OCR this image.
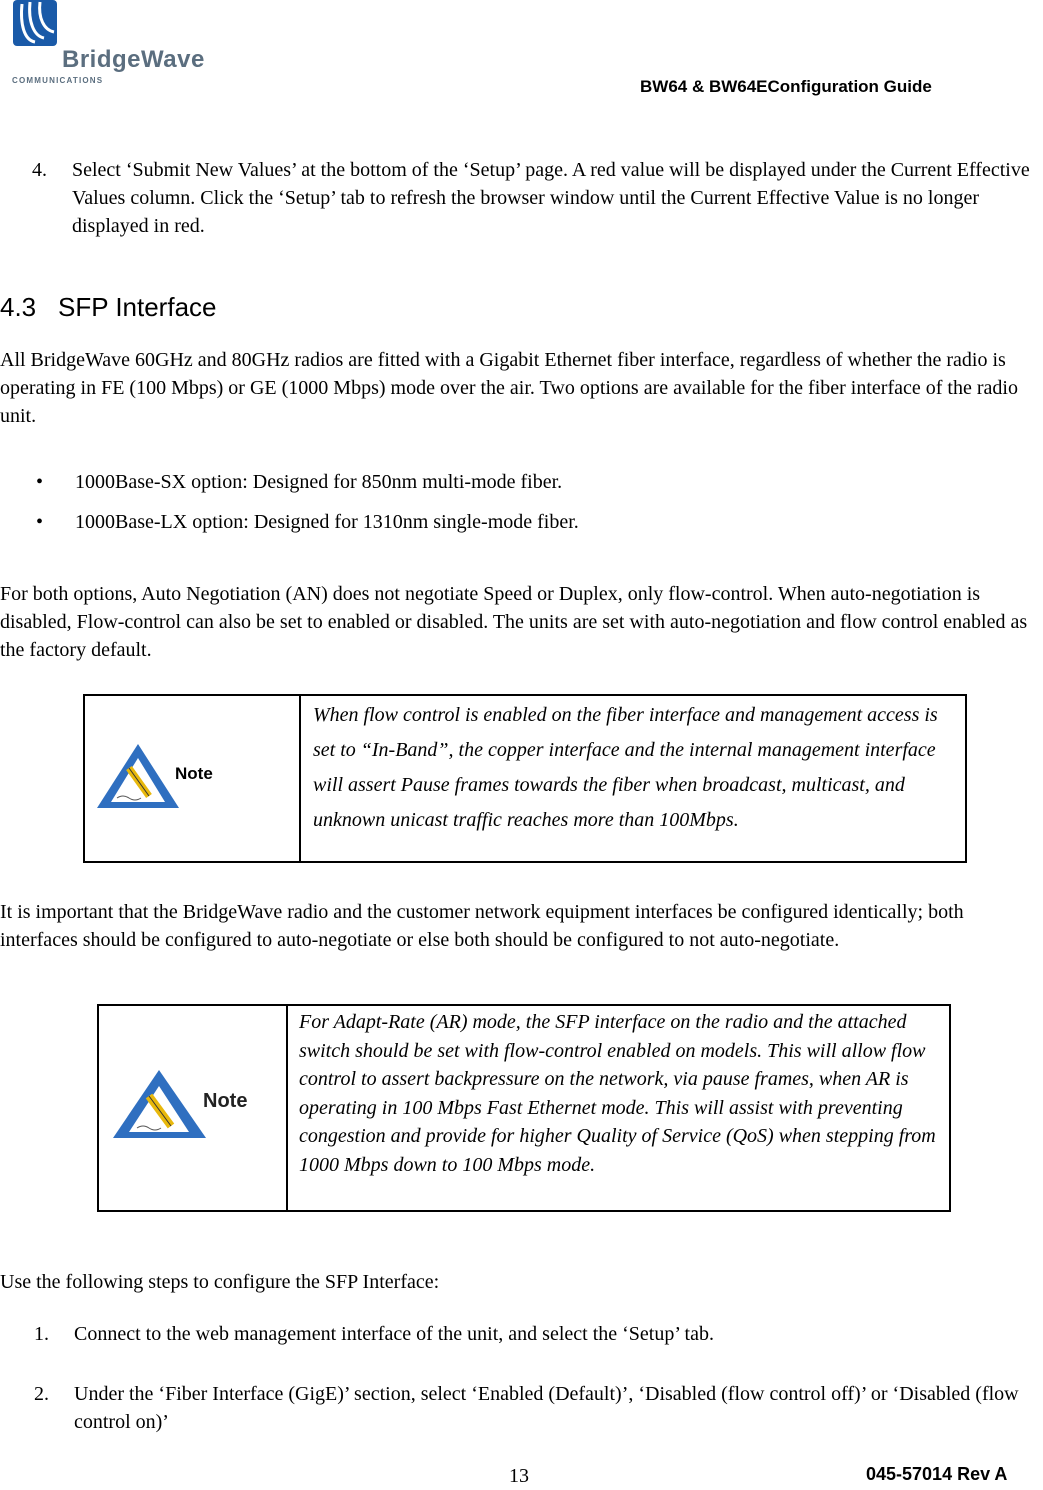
BridgeWave
COMMUNICATIONS	BW64 & BW64EConfiguration Guide
4.	Select ‘Submit New Values’ at the bottom of the ‘Setup’ page. A red value will be displayed under the Current Effective Values column. Click the ‘Setup’ tab to refresh the browser window until the Current Effective Value is no longer displayed in red.
4.3 SFP Interface
All BridgeWave 60GHz and 80GHz radios are fitted with a Gigabit Ethernet fiber interface, regardless of whether the radio is operating in FE (100 Mbps) or GE (1000 Mbps) mode over the air. Two options are available for the fiber interface of the radio unit.
• 1000Base-SX option: Designed for 850nm multi-mode fiber.
• 1000Base-LX option: Designed for 1310nm single-mode fiber.
For both options, Auto Negotiation (AN) does not negotiate Speed or Duplex, only flow-control. When auto-negotiation is disabled, Flow-control can also be set to enabled or disabled. The units are set with auto-negotiation and flow control enabled as the factory default.
Note
When flow control is enabled on the fiber interface and management access is set to “In-Band”, the copper interface and the internal management interface will assert Pause frames towards the fiber when broadcast, multicast, and unknown unicast traffic reaches more than 100Mbps.
It is important that the BridgeWave radio and the customer network equipment interfaces be configured identically; both interfaces should be configured to auto-negotiate or else both should be configured to not auto-negotiate.
Note
For Adapt-Rate (AR) mode, the SFP interface on the radio and the attached switch should be set with flow-control enabled on models. This will allow flow control to assert backpressure on the network, via pause frames, when AR is operating in 100 Mbps Fast Ethernet mode. This will assist with preventing congestion and provide for higher Quality of Service (QoS) when stepping from 1000 Mbps down to 100 Mbps mode.
Use the following steps to configure the SFP Interface:
1.	Connect to the web management interface of the unit, and select the ‘Setup’ tab.
2.	Under the ‘Fiber Interface (GigE)’ section, select ‘Enabled (Default)’, ‘Disabled (flow control off)’ or ‘Disabled (flow control on)’
13	045-57014 Rev A
